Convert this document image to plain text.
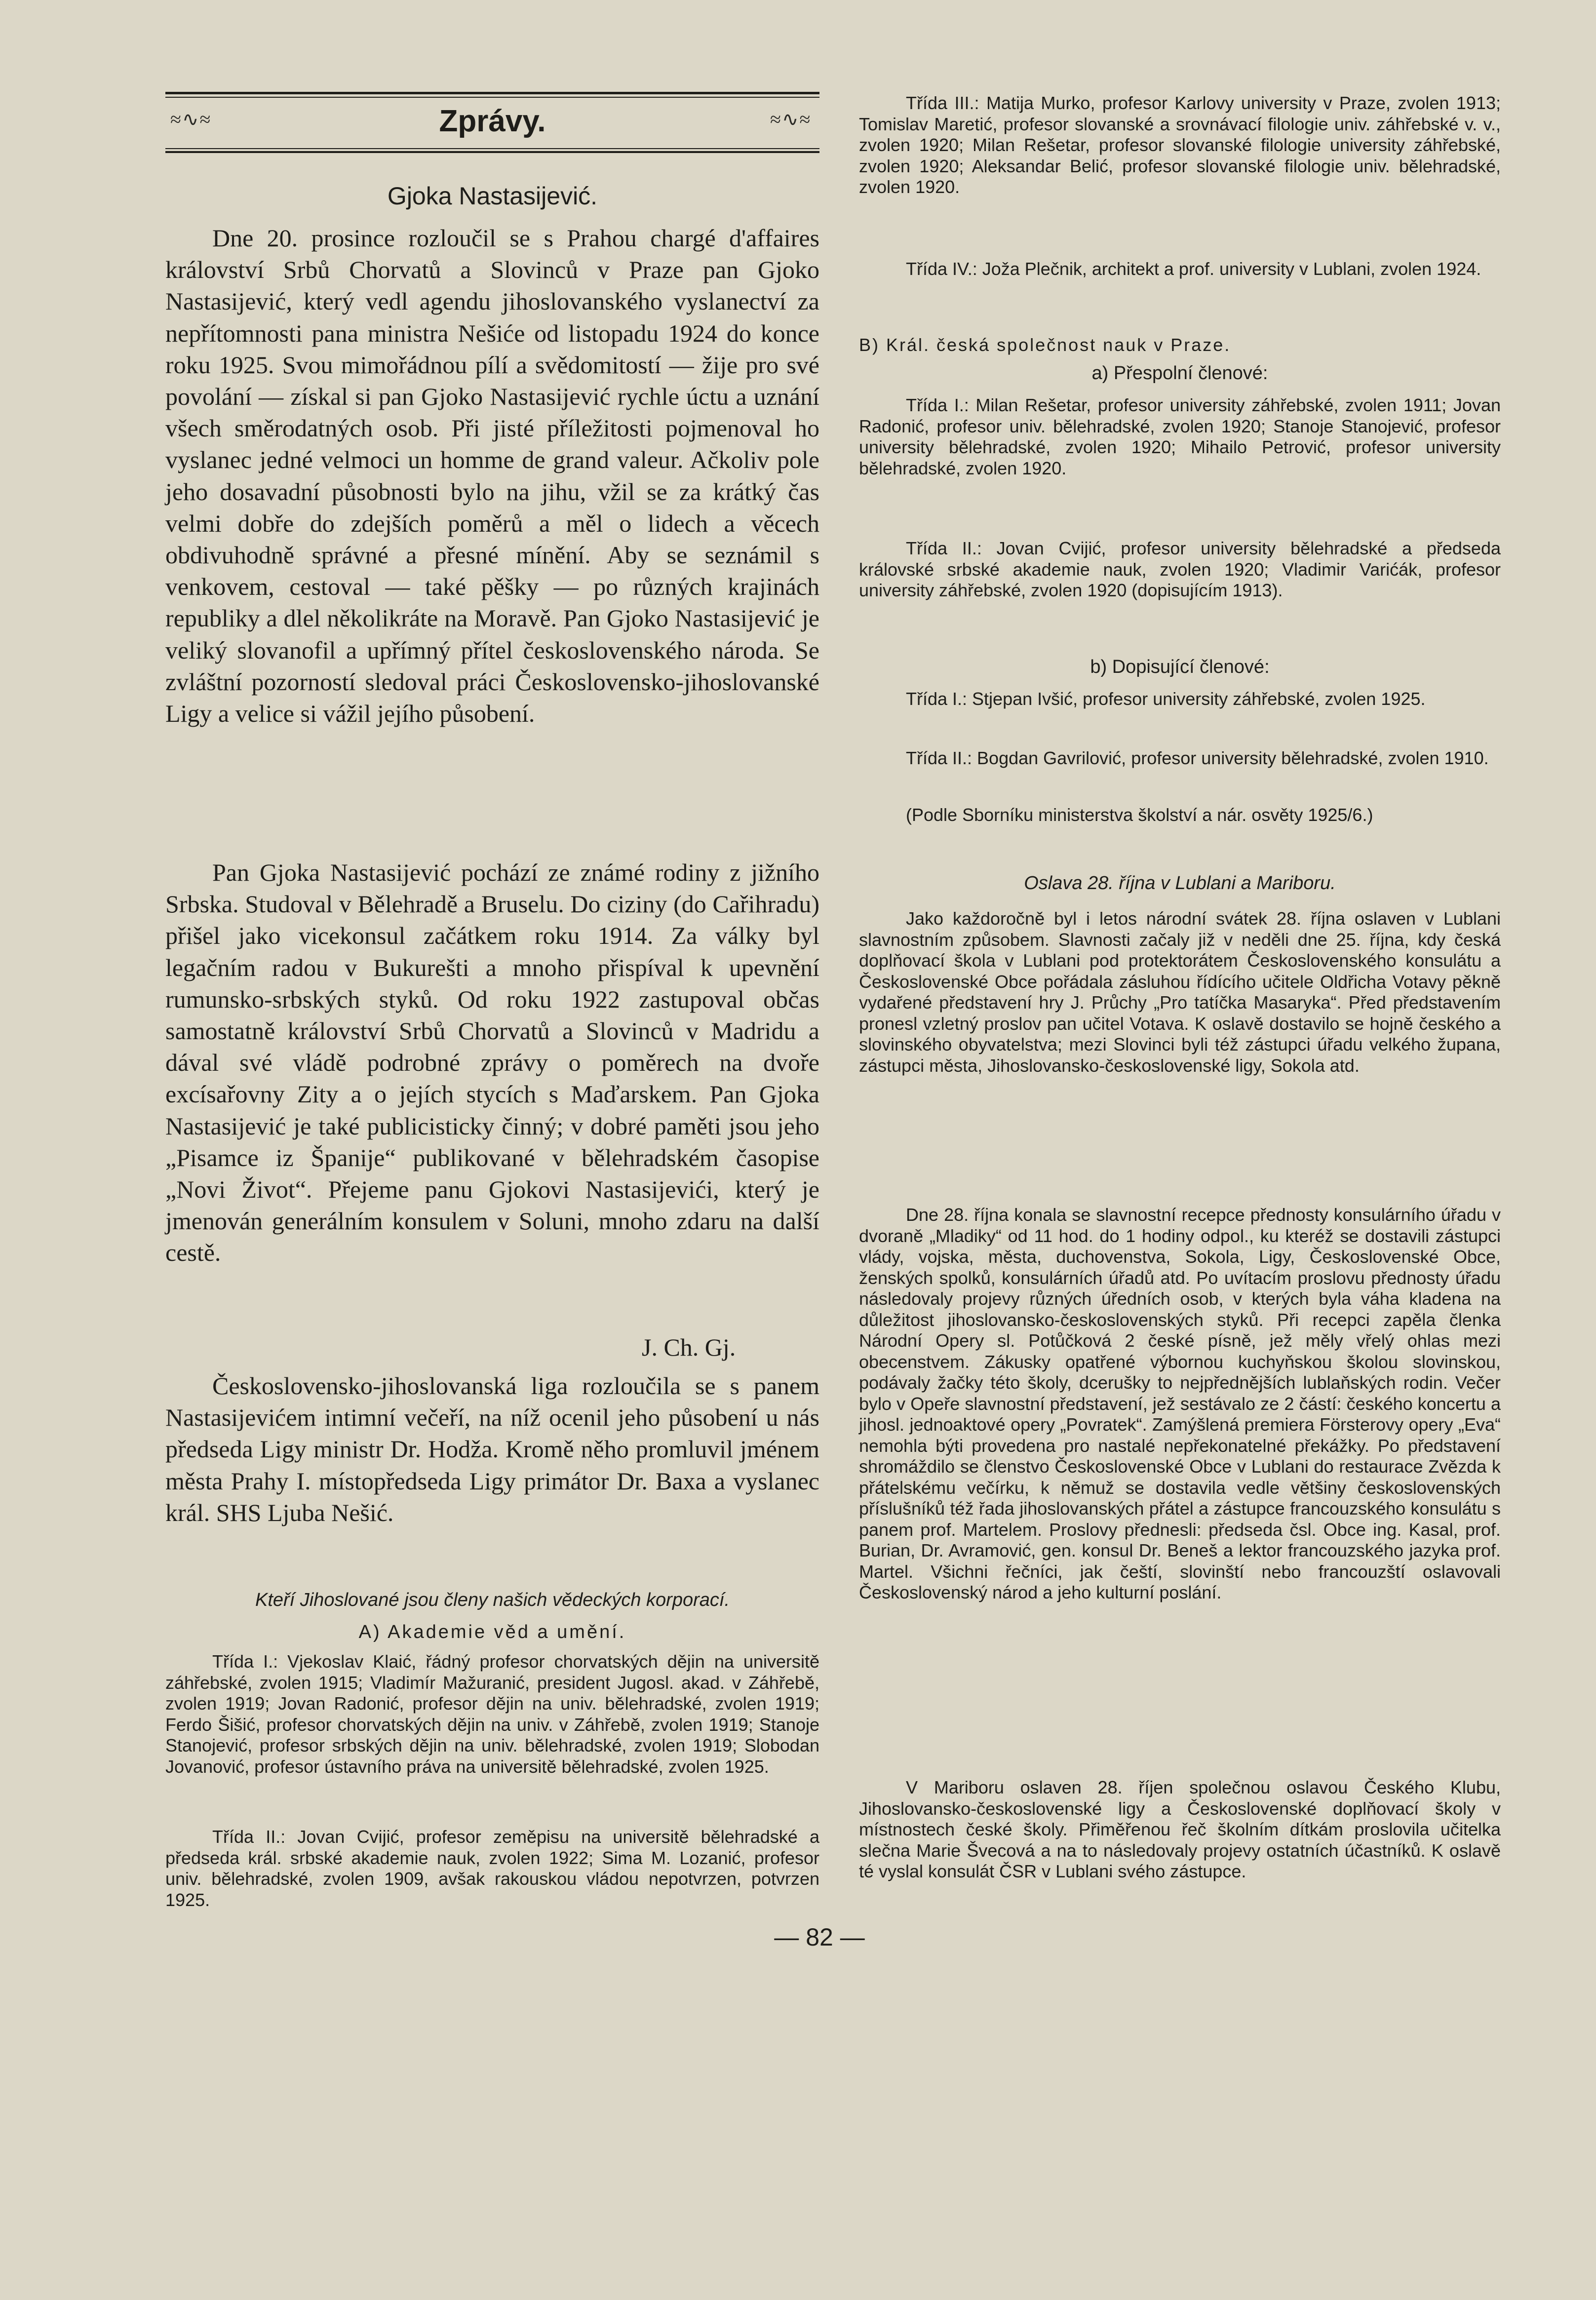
≈∿≈	≈∿≈
Zprávy.
Gjoka Nastasijević.

Dne 20. prosince rozloučil se s Prahou chargé d'affaires království Srbů Chorvatů a Slovinců v Praze pan Gjoko Nastasijević, který vedl agendu jihoslovanského vyslanectví za nepřítomnosti pana ministra Nešiće od listopadu 1924 do konce roku 1925. Svou mimořádnou pílí a svědomitostí — žije pro své povolání — získal si pan Gjoko Nastasijević rychle úctu a uznání všech směrodatných osob. Při jisté příležitosti pojmenoval ho vyslanec jedné velmoci un homme de grand valeur. Ačkoliv pole jeho dosavadní působnosti bylo na jihu, vžil se za krátký čas velmi dobře do zdejších poměrů a měl o lidech a věcech obdivuhodně správné a přesné mínění. Aby se seznámil s venkovem, cestoval — také pěšky — po různých krajinách republiky a dlel několikráte na Moravě. Pan Gjoko Nastasijević je veliký slovanofil a upřímný přítel československého národa. Se zvláštní pozorností sledoval práci Československo-jihoslovanské Ligy a velice si vážil jejího působení.

Pan Gjoka Nastasijević pochází ze známé rodiny z jižního Srbska. Studoval v Bělehradě a Bruselu. Do ciziny (do Cařihradu) přišel jako vicekonsul začátkem roku 1914. Za války byl legačním radou v Bukurešti a mnoho přispíval k upevnění rumunsko-srbských styků. Od roku 1922 zastupoval občas samostatně království Srbů Chorvatů a Slovinců v Madridu a dával své vládě podrobné zprávy o poměrech na dvoře excísařovny Zity a o jejích stycích s Maďarskem. Pan Gjoka Nastasijević je také publicisticky činný; v dobré paměti jsou jeho „Pisamce iz Španije“ publikované v bělehradském časopise „Novi Život“. Přejeme panu Gjokovi Nastasijevići, který je jmenován generálním konsulem v Soluni, mnoho zdaru na další cestě.

J. Ch. Gj.

Československo-jihoslovanská liga rozloučila se s panem Nastasijevićem intimní večeří, na níž ocenil jeho působení u nás předseda Ligy ministr Dr. Hodža. Kromě něho promluvil jménem města Prahy I. místopředseda Ligy primátor Dr. Baxa a vyslanec král. SHS Ljuba Nešić.

Kteří Jihoslované jsou členy našich vědeckých korporací.
A) Akademie věd a umění.

Třída I.: Vjekoslav Klaić, řádný profesor chorvatských dějin na universitě záhřebské, zvolen 1915; Vladimír Mažuranić, president Jugosl. akad. v Záhřebě, zvolen 1919; Jovan Radonić, profesor dějin na univ. bělehradské, zvolen 1919; Ferdo Šišić, profesor chorvatských dějin na univ. v Záhřebě, zvolen 1919; Stanoje Stanojević, profesor srbských dějin na univ. bělehradské, zvolen 1919; Slobodan Jovanović, profesor ústavního práva na universitě bělehradské, zvolen 1925.

Třída II.: Jovan Cvijić, profesor zeměpisu na universitě bělehradské a předseda král. srbské akademie nauk, zvolen 1922; Sima M. Lozanić, profesor univ. bělehradské, zvolen 1909, avšak rakouskou vládou nepotvrzen, potvrzen 1925.

Třída III.: Matija Murko, profesor Karlovy university v Praze, zvolen 1913; Tomislav Maretić, profesor slovanské a srovnávací filologie univ. záhřebské v. v., zvolen 1920; Milan Rešetar, profesor slovanské filologie university záhřebské, zvolen 1920; Aleksandar Belić, profesor slovanské filologie univ. bělehradské, zvolen 1920.

Třída IV.: Joža Plečnik, architekt a prof. university v Lublani, zvolen 1924.

B) Král. česká společnost nauk v Praze.
a) Přespolní členové:

Třída I.: Milan Rešetar, profesor university záhřebské, zvolen 1911; Jovan Radonić, profesor univ. bělehradské, zvolen 1920; Stanoje Stanojević, profesor university bělehradské, zvolen 1920; Mihailo Petrović, profesor university bělehradské, zvolen 1920.

Třída II.: Jovan Cvijić, profesor university bělehradské a předseda královské srbské akademie nauk, zvolen 1920; Vladimir Varićák, profesor university záhřebské, zvolen 1920 (dopisujícím 1913).

b) Dopisující členové:

Třída I.: Stjepan Ivšić, profesor university záhřebské, zvolen 1925.

Třída II.: Bogdan Gavrilović, profesor university bělehradské, zvolen 1910.

(Podle Sborníku ministerstva školství a nár. osvěty 1925/6.)

Oslava 28. října v Lublani a Mariboru.

Jako každoročně byl i letos národní svátek 28. října oslaven v Lublani slavnostním způsobem. Slavnosti začaly již v neděli dne 25. října, kdy česká doplňovací škola v Lublani pod protektorátem Československého konsulátu a Československé Obce pořádala zásluhou řídícího učitele Oldřicha Votavy pěkně vydařené představení hry J. Průchy „Pro tatíčka Masaryka“. Před představením pronesl vzletný proslov pan učitel Votava. K oslavě dostavilo se hojně českého a slovinského obyvatelstva; mezi Slovinci byli též zástupci úřadu velkého župana, zástupci města, Jihoslovansko-československé ligy, Sokola atd.

Dne 28. října konala se slavnostní recepce přednosty konsulárního úřadu v dvoraně „Mladiky“ od 11 hod. do 1 hodiny odpol., ku kteréž se dostavili zástupci vlády, vojska, města, duchovenstva, Sokola, Ligy, Československé Obce, ženských spolků, konsulárních úřadů atd. Po uvítacím proslovu přednosty úřadu následovaly projevy různých úředních osob, v kterých byla váha kladena na důležitost jihoslovansko-československých styků. Při recepci zapěla členka Národní Opery sl. Potůčková 2 české písně, jež měly vřelý ohlas mezi obecenstvem. Zákusky opatřené výbornou kuchyňskou školou slovinskou, podávaly žačky této školy, dcerušky to nejpřednějších lublaňských rodin. Večer bylo v Opeře slavnostní představení, jež sestávalo ze 2 částí: českého koncertu a jihosl. jednoaktové opery „Povratek“. Zamýšlená premiera Försterovy opery „Eva“ nemohla býti provedena pro nastalé nepřekonatelné překážky. Po představení shromáždilo se členstvo Československé Obce v Lublani do restaurace Zvězda k přátelskému večírku, k němuž se dostavila vedle většiny československých příslušníků též řada jihoslovanských přátel a zástupce francouzského konsulátu s panem prof. Martelem. Proslovy přednesli: předseda čsl. Obce ing. Kasal, prof. Burian, Dr. Avramović, gen. konsul Dr. Beneš a lektor francouzského jazyka prof. Martel. Všichni řečníci, jak čeští, slovinští nebo francouzští oslavovali Československý národ a jeho kulturní poslání.

V Mariboru oslaven 28. říjen společnou oslavou Českého Klubu, Jihoslovansko-československé ligy a Československé doplňovací školy v místnostech české školy. Přiměřenou řeč školním dítkám proslovila učitelka slečna Marie Švecová a na to následovaly projevy ostatních účastníků. K oslavě té vyslal konsulát ČSR v Lublani svého zástupce.

— 82 —
